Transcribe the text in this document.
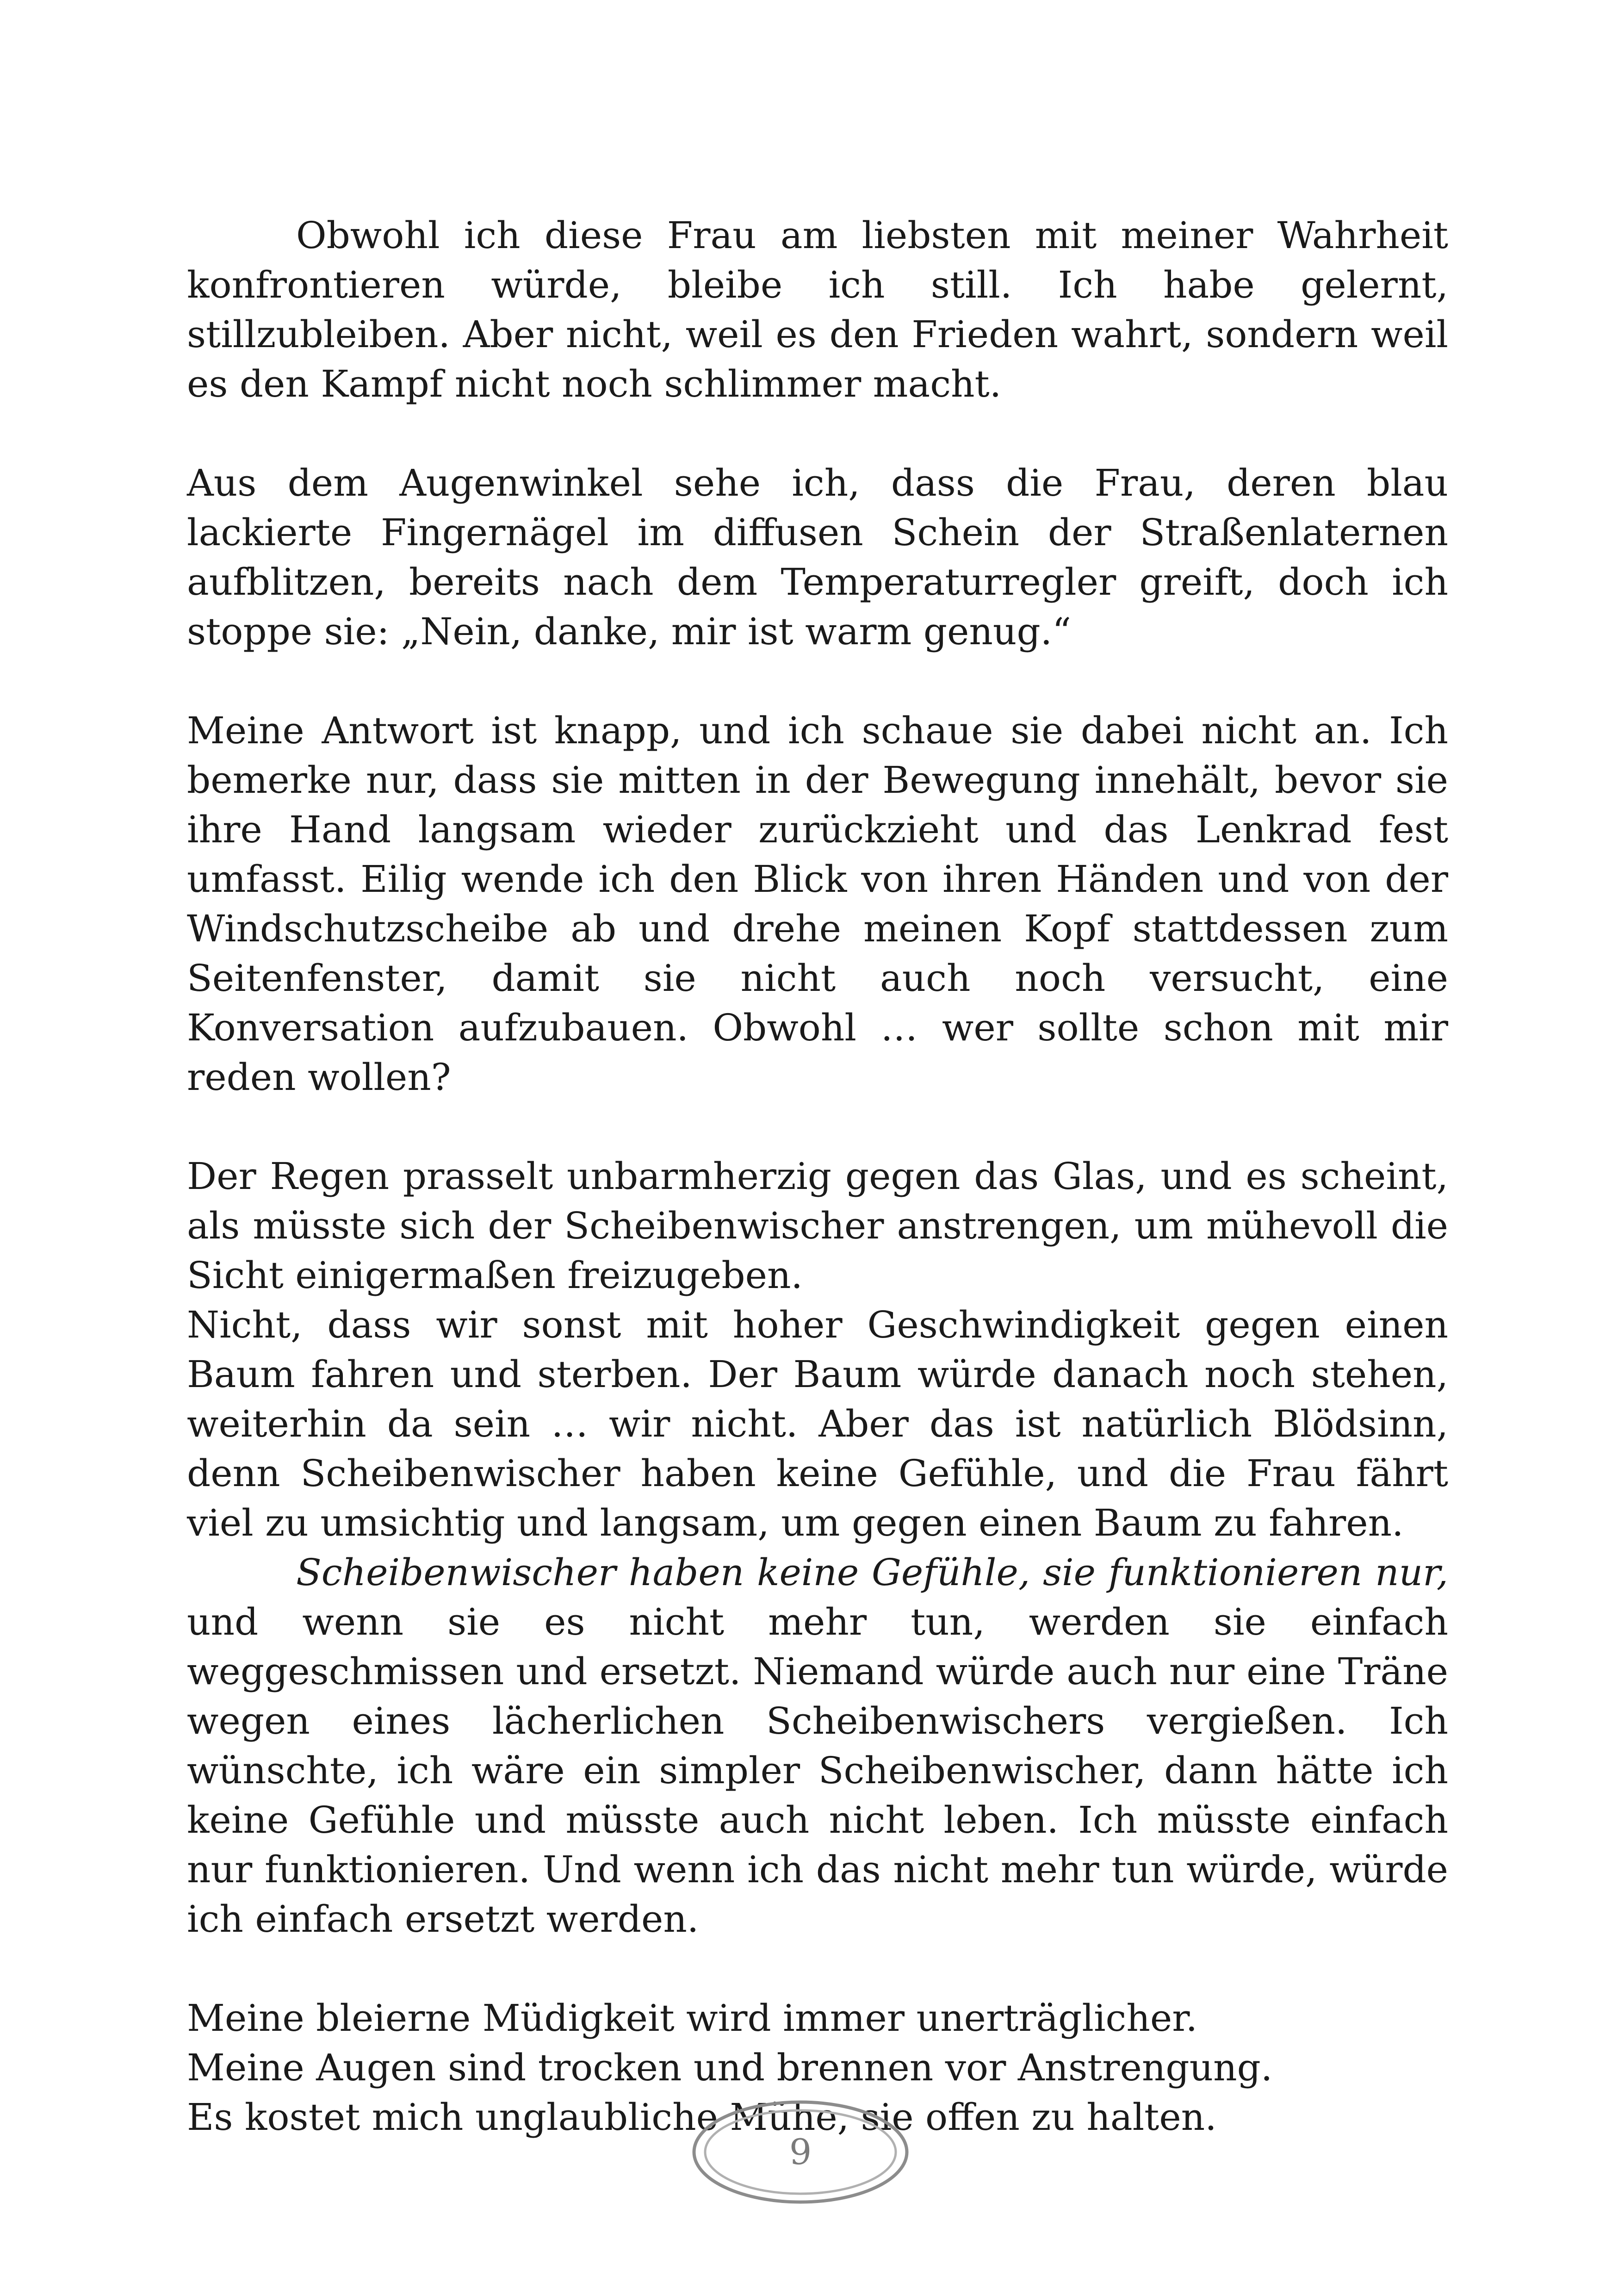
Obwohl ich diese Frau am liebsten mit meiner Wahrheit konfrontieren würde, bleibe ich still. Ich habe gelernt, stillzubleiben. Aber nicht, weil es den Frieden wahrt, sondern weil es den Kampf nicht noch schlimmer macht.

Aus dem Augenwinkel sehe ich, dass die Frau, deren blau lackierte Fingernägel im diffusen Schein der Straßenlaternen aufblitzen, bereits nach dem Temperaturregler greift, doch ich stoppe sie: „Nein, danke, mir ist warm genug.“

Meine Antwort ist knapp, und ich schaue sie dabei nicht an. Ich bemerke nur, dass sie mitten in der Bewegung innehält, bevor sie ihre Hand langsam wieder zurückzieht und das Lenkrad fest umfasst. Eilig wende ich den Blick von ihren Händen und von der Windschutzscheibe ab und drehe meinen Kopf stattdessen zum Seitenfenster, damit sie nicht auch noch versucht, eine Konversation aufzubauen. Obwohl … wer sollte schon mit mir reden wollen?

Der Regen prasselt unbarmherzig gegen das Glas, und es scheint, als müsste sich der Scheibenwischer anstrengen, um mühevoll die Sicht einigermaßen freizugeben.

Nicht, dass wir sonst mit hoher Geschwindigkeit gegen einen Baum fahren und sterben. Der Baum würde danach noch stehen, weiterhin da sein … wir nicht. Aber das ist natürlich Blödsinn, denn Scheibenwischer haben keine Gefühle, und die Frau fährt viel zu umsichtig und langsam, um gegen einen Baum zu fahren.

Scheibenwischer haben keine Gefühle, sie funktionieren nur, und wenn sie es nicht mehr tun, werden sie einfach weggeschmissen und ersetzt. Niemand würde auch nur eine Träne wegen eines lächerlichen Scheibenwischers vergießen. Ich wünschte, ich wäre ein simpler Scheibenwischer, dann hätte ich keine Gefühle und müsste auch nicht leben. Ich müsste einfach nur funktionieren. Und wenn ich das nicht mehr tun würde, würde ich einfach ersetzt werden.

Meine bleierne Müdigkeit wird immer unerträglicher.

Meine Augen sind trocken und brennen vor Anstrengung.

Es kostet mich unglaubliche Mühe, sie offen zu halten.

9
